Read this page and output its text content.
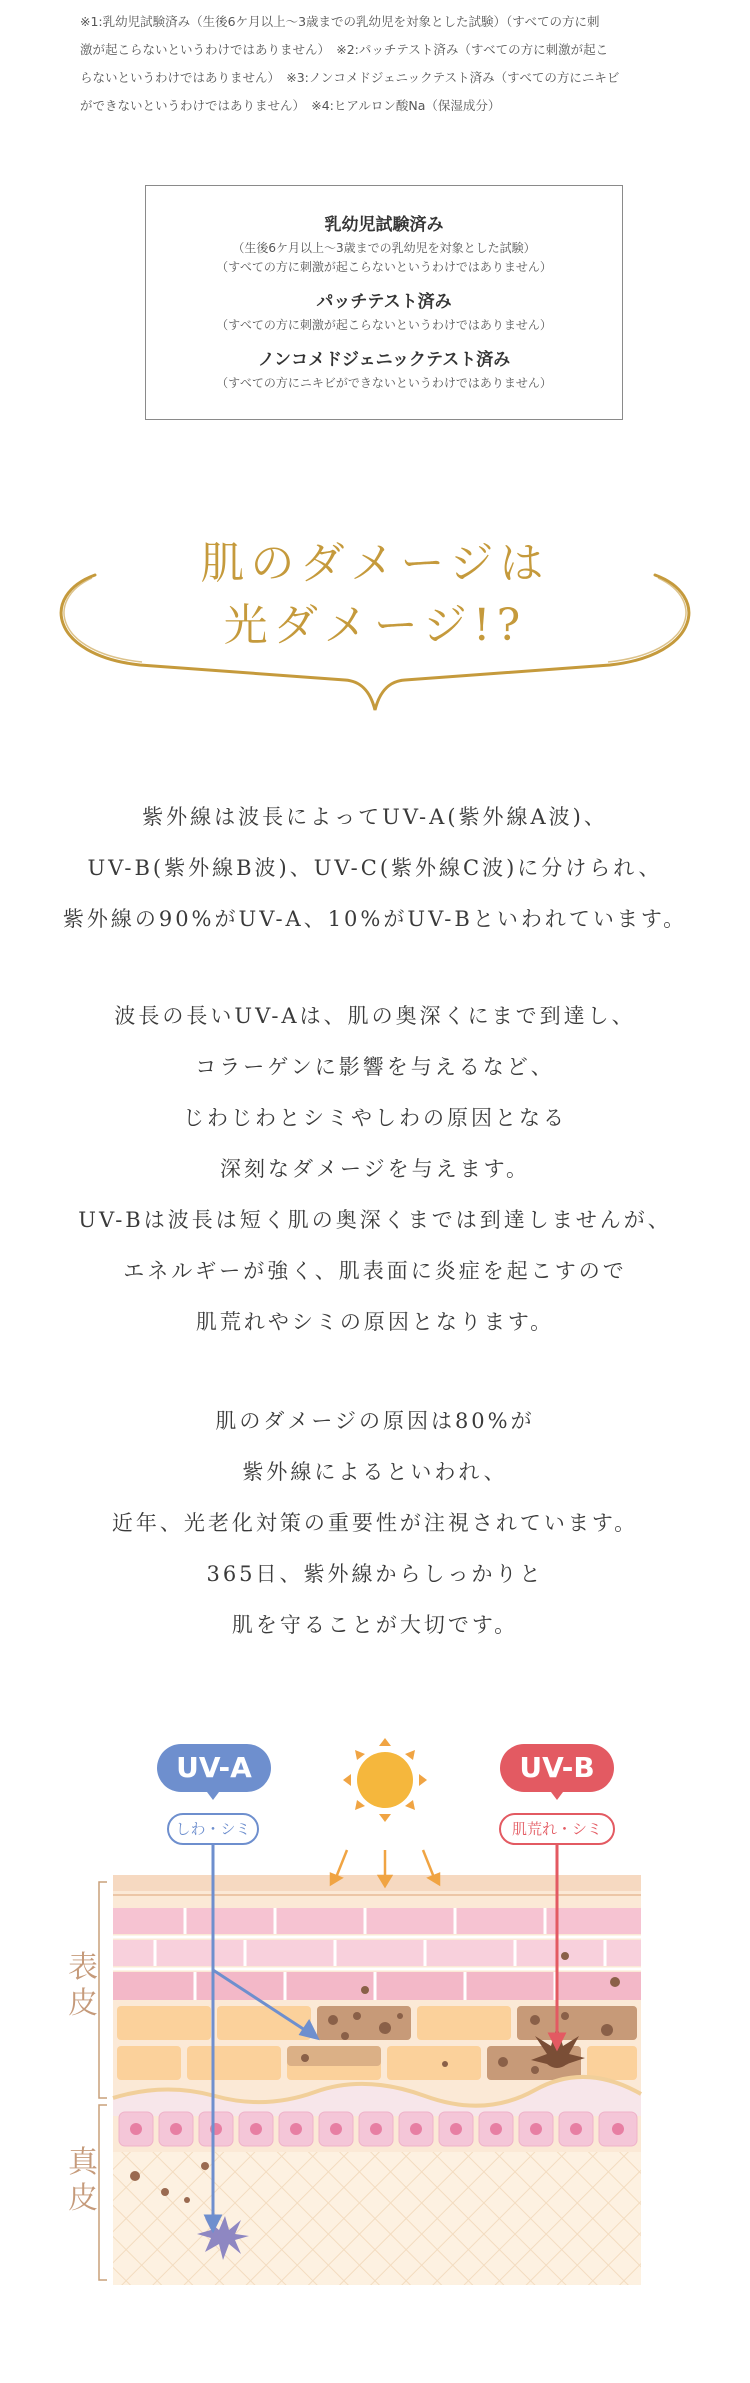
※1:乳幼児試験済み（生後6ケ月以上～3歳までの乳幼児を対象とした試験）（すべての方に刺
激が起こらないというわけではありません）　※2:パッチテスト済み（すべての方に刺激が起こ
らないというわけではありません）　※3:ノンコメドジェニックテスト済み（すべての方にニキビ
ができないというわけではありません）　※4:ヒアルロン酸Na（保湿成分）
乳幼児試験済み
（生後6ケ月以上～3歳までの乳幼児を対象とした試験）
（すべての方に刺激が起こらないというわけではありません）
パッチテスト済み
（すべての方に刺激が起こらないというわけではありません）
ノンコメドジェニックテスト済み
（すべての方にニキビができないというわけではありません）
肌のダメージは
光ダメージ!?

紫外線は波長によってUV-A(紫外線A波)、

UV-B(紫外線B波)、UV-C(紫外線C波)に分けられ、

紫外線の90%がUV-A、10%がUV-Bといわれています。

波長の長いUV-Aは、肌の奥深くにまで到達し、

コラーゲンに影響を与えるなど、

じわじわとシミやしわの原因となる

深刻なダメージを与えます。

UV-Bは波長は短く肌の奥深くまでは到達しませんが、

エネルギーが強く、肌表面に炎症を起こすので

肌荒れやシミの原因となります。

肌のダメージの原因は80%が

紫外線によるといわれ、

近年、光老化対策の重要性が注視されています。

365日、紫外線からしっかりと

肌を守ることが大切です。

UV-A	UV-B
しわ・シミ	肌荒れ・シミ
表皮
真皮
